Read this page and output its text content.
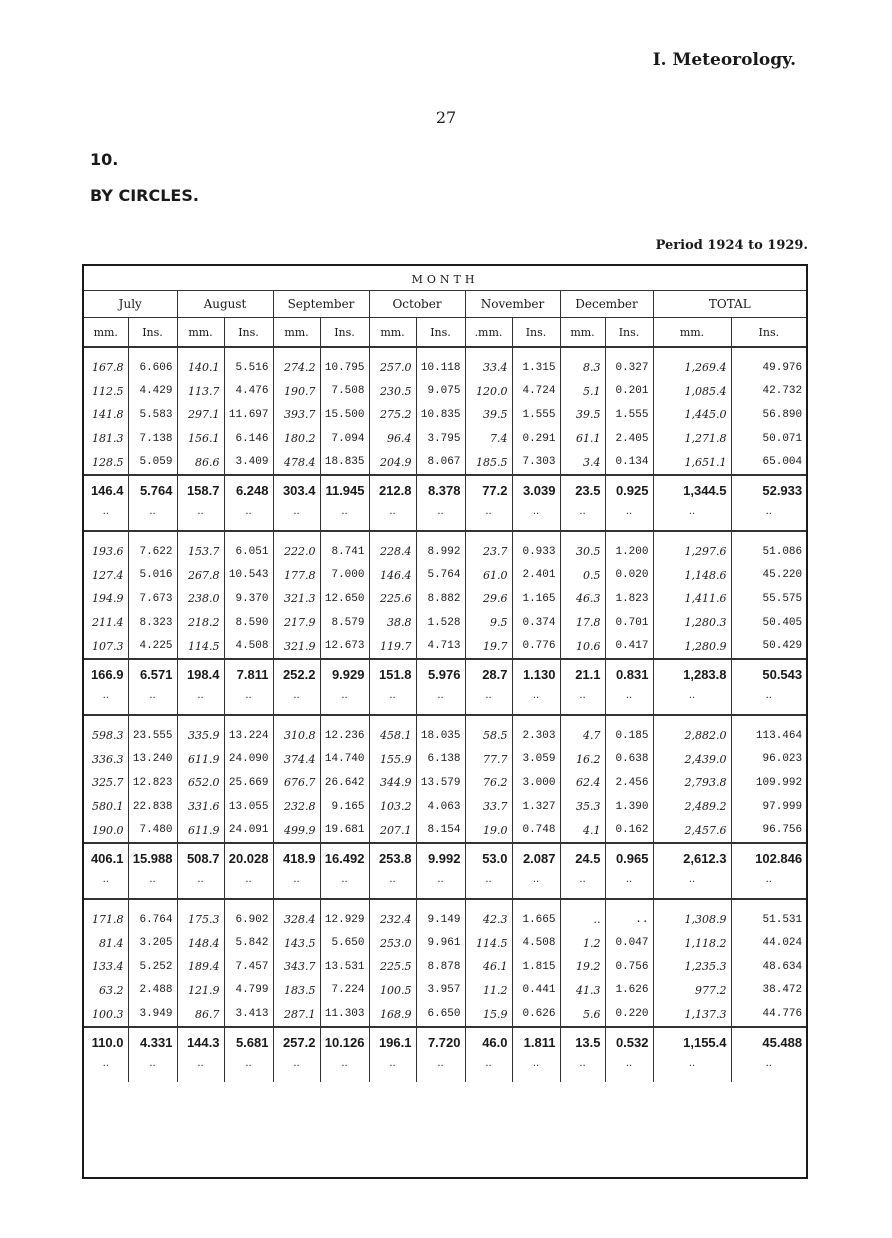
I. Meteorology.
27
10.
BY CIRCLES.
Period 1924 to 1929.
MONTH													
July		August		September		October		November		December		TOTAL	
mm.	Ins.	mm.	Ins.	mm.	Ins.	mm.	Ins.	.mm.	Ins.	mm.	Ins.	mm.	Ins.

167.8	6.606	140.1	5.516	274.2	10.795	257.0	10.118	33.4	1.315	8.3	0.327	1,269.4	49.976
112.5	4.429	113.7	4.476	190.7	7.508	230.5	9.075	120.0	4.724	5.1	0.201	1,085.4	42.732
141.8	5.583	297.1	11.697	393.7	15.500	275.2	10.835	39.5	1.555	39.5	1.555	1,445.0	56.890
181.3	7.138	156.1	6.146	180.2	7.094	96.4	3.795	7.4	0.291	61.1	2.405	1,271.8	50.071
128.5	5.059	86.6	3.409	478.4	18.835	204.9	8.067	185.5	7.303	3.4	0.134	1,651.1	65.004
146.4	5.764	158.7	6.248	303.4	11.945	212.8	8.378	77.2	3.039	23.5	0.925	1,344.5	52.933
..	..	..	..	..	..	..	..	..	..	..	..	..	..

193.6	7.622	153.7	6.051	222.0	8.741	228.4	8.992	23.7	0.933	30.5	1.200	1,297.6	51.086
127.4	5.016	267.8	10.543	177.8	7.000	146.4	5.764	61.0	2.401	0.5	0.020	1,148.6	45.220
194.9	7.673	238.0	9.370	321.3	12.650	225.6	8.882	29.6	1.165	46.3	1.823	1,411.6	55.575
211.4	8.323	218.2	8.590	217.9	8.579	38.8	1.528	9.5	0.374	17.8	0.701	1,280.3	50.405
107.3	4.225	114.5	4.508	321.9	12.673	119.7	4.713	19.7	0.776	10.6	0.417	1,280.9	50.429
166.9	6.571	198.4	7.811	252.2	9.929	151.8	5.976	28.7	1.130	21.1	0.831	1,283.8	50.543
..	..	..	..	..	..	..	..	..	..	..	..	..	..

598.3	23.555	335.9	13.224	310.8	12.236	458.1	18.035	58.5	2.303	4.7	0.185	2,882.0	113.464
336.3	13.240	611.9	24.090	374.4	14.740	155.9	6.138	77.7	3.059	16.2	0.638	2,439.0	96.023
325.7	12.823	652.0	25.669	676.7	26.642	344.9	13.579	76.2	3.000	62.4	2.456	2,793.8	109.992
580.1	22.838	331.6	13.055	232.8	9.165	103.2	4.063	33.7	1.327	35.3	1.390	2,489.2	97.999
190.0	7.480	611.9	24.091	499.9	19.681	207.1	8.154	19.0	0.748	4.1	0.162	2,457.6	96.756
406.1	15.988	508.7	20.028	418.9	16.492	253.8	9.992	53.0	2.087	24.5	0.965	2,612.3	102.846
..	..	..	..	..	..	..	..	..	..	..	..	..	..

171.8	6.764	175.3	6.902	328.4	12.929	232.4	9.149	42.3	1.665	..	..	1,308.9	51.531
81.4	3.205	148.4	5.842	143.5	5.650	253.0	9.961	114.5	4.508	1.2	0.047	1,118.2	44.024
133.4	5.252	189.4	7.457	343.7	13.531	225.5	8.878	46.1	1.815	19.2	0.756	1,235.3	48.634
63.2	2.488	121.9	4.799	183.5	7.224	100.5	3.957	11.2	0.441	41.3	1.626	977.2	38.472
100.3	3.949	86.7	3.413	287.1	11.303	168.9	6.650	15.9	0.626	5.6	0.220	1,137.3	44.776
110.0	4.331	144.3	5.681	257.2	10.126	196.1	7.720	46.0	1.811	13.5	0.532	1,155.4	45.488
..	..	..	..	..	..	..	..	..	..	..	..	..	..
